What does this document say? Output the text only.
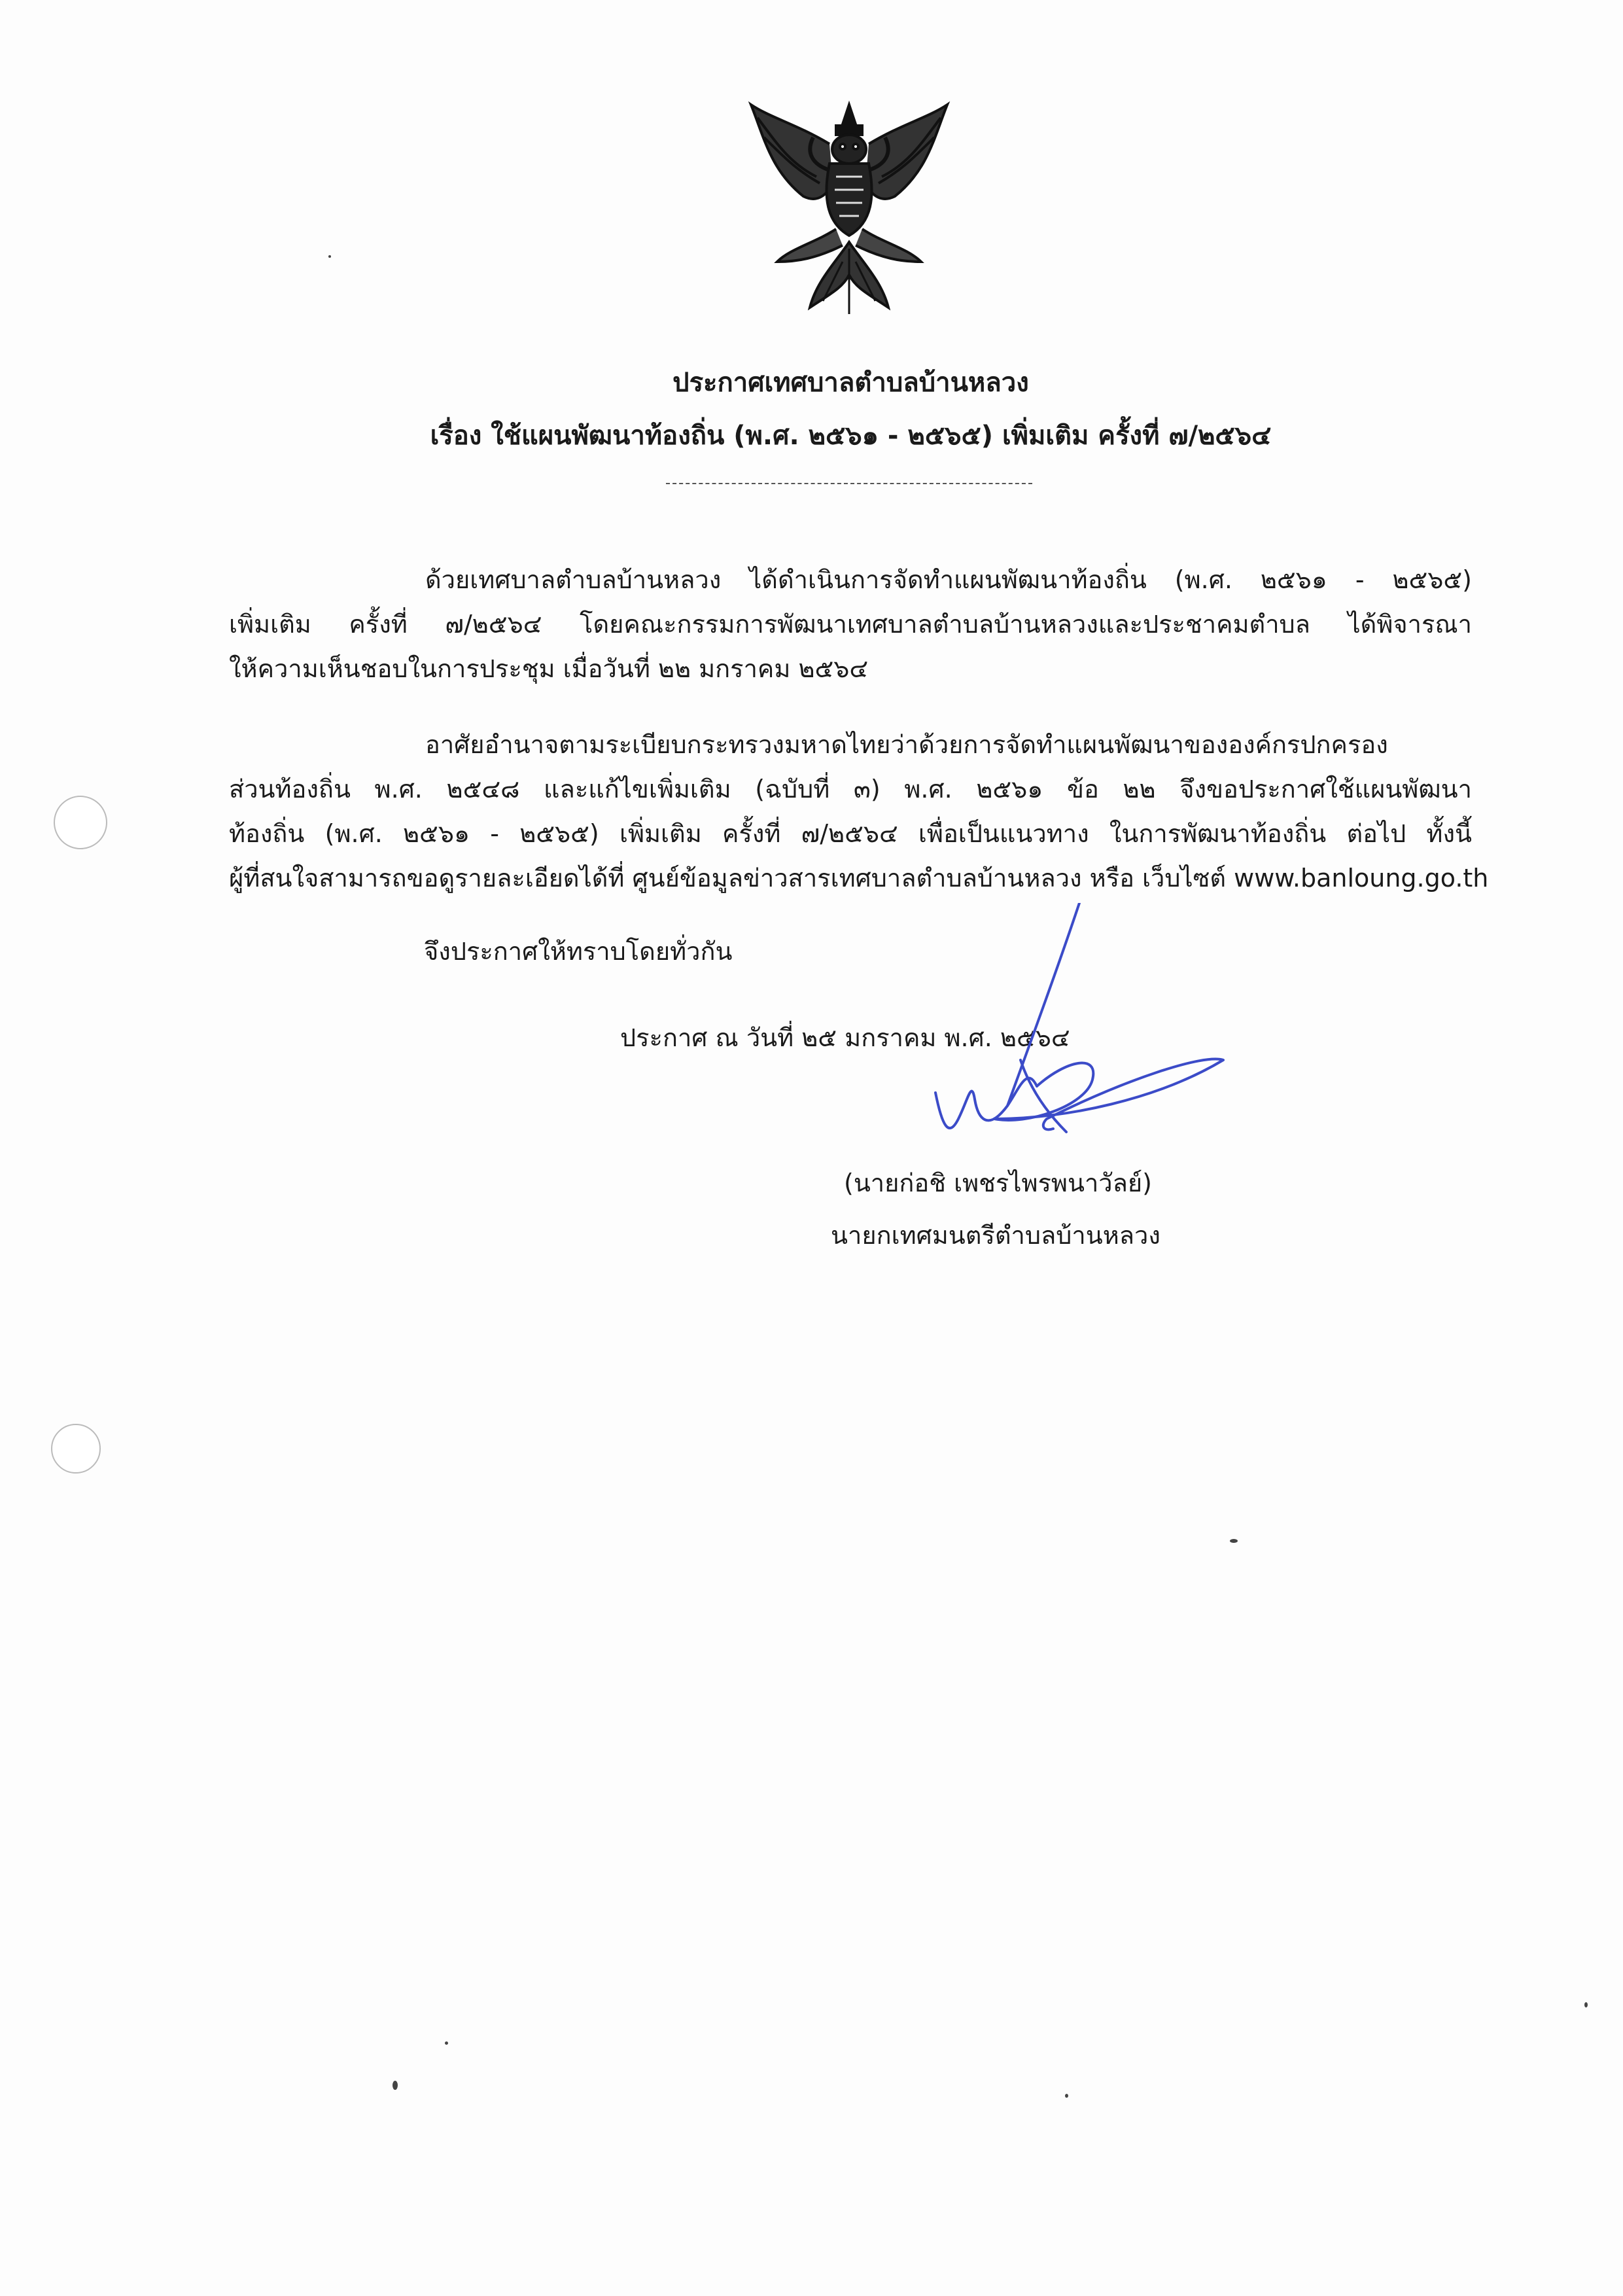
ประกาศเทศบาลตำบลบ้านหลวง
เรื่อง ใช้แผนพัฒนาท้องถิ่น (พ.ศ. ๒๕๖๑ - ๒๕๖๕) เพิ่มเติม ครั้งที่ ๗/๒๕๖๔

ด้วยเทศบาลตำบลบ้านหลวง ได้ดำเนินการจัดทำแผนพัฒนาท้องถิ่น (พ.ศ. ๒๕๖๑ - ๒๕๖๕)
เพิ่มเติม ครั้งที่ ๗/๒๕๖๔ โดยคณะกรรมการพัฒนาเทศบาลตำบลบ้านหลวงและประชาคมตำบล ได้พิจารณา
ให้ความเห็นชอบในการประชุม เมื่อวันที่ ๒๒ มกราคม ๒๕๖๔

อาศัยอำนาจตามระเบียบกระทรวงมหาดไทยว่าด้วยการจัดทำแผนพัฒนาขององค์กรปกครอง
ส่วนท้องถิ่น พ.ศ. ๒๕๔๘ และแก้ไขเพิ่มเติม (ฉบับที่ ๓) พ.ศ. ๒๕๖๑ ข้อ ๒๒ จึงขอประกาศใช้แผนพัฒนา
ท้องถิ่น (พ.ศ. ๒๕๖๑ - ๒๕๖๕) เพิ่มเติม ครั้งที่ ๗/๒๕๖๔ เพื่อเป็นแนวทาง ในการพัฒนาท้องถิ่น ต่อไป ทั้งนี้
ผู้ที่สนใจสามารถขอดูรายละเอียดได้ที่ ศูนย์ข้อมูลข่าวสารเทศบาลตำบลบ้านหลวง หรือ เว็บไซต์ www.banloung.go.th

จึงประกาศให้ทราบโดยทั่วกัน
ประกาศ ณ วันที่ ๒๕ มกราคม พ.ศ. ๒๕๖๔
(นายก่อชิ เพชรไพรพนาวัลย์)
นายกเทศมนตรีตำบลบ้านหลวง
